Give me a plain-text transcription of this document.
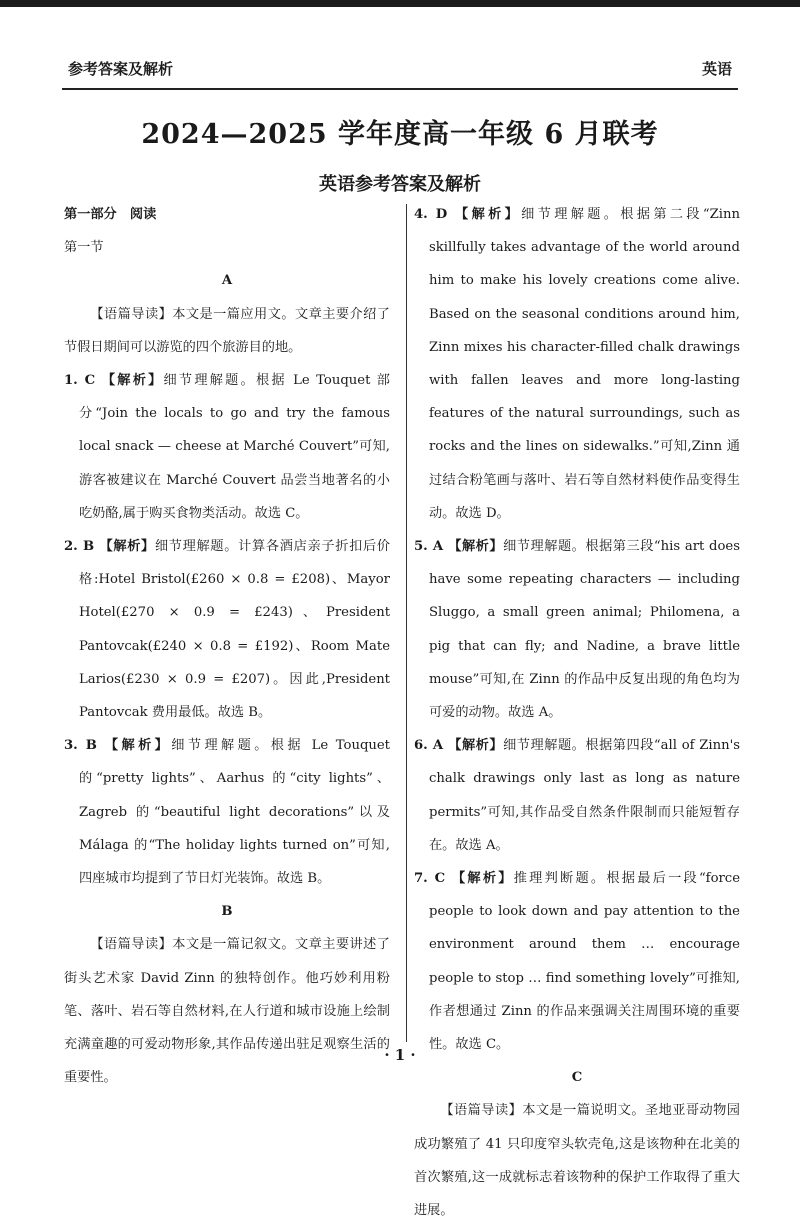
参考答案及解析	英语
2024—2025 学年度高一年级 6 月联考
英语参考答案及解析

第一部分　阅读

第一节

A

【语篇导读】本文是一篇应用文。文章主要介绍了节假日期间可以游览的四个旅游目的地。

1. C 【解析】细节理解题。根据 Le Touquet 部分“Join the locals to go and try the famous local snack — cheese at Marché Couvert”可知,游客被建议在 Marché Couvert 品尝当地著名的小吃奶酪,属于购买食物类活动。故选 C。

2. B 【解析】细节理解题。计算各酒店亲子折扣后价格:Hotel Bristol(£260 × 0.8 = £208)、Mayor Hotel(£270 × 0.9 = £243)、President Pantovcak(£240 × 0.8 = £192)、Room Mate Larios(£230 × 0.9 = £207)。因此,President Pantovcak 费用最低。故选 B。

3. B 【解析】细节理解题。根据 Le Touquet 的“pretty lights”、Aarhus 的“city lights”、Zagreb 的“beautiful light decorations”以及 Málaga 的“The holiday lights turned on”可知,四座城市均提到了节日灯光装饰。故选 B。

B

【语篇导读】本文是一篇记叙文。文章主要讲述了街头艺术家 David Zinn 的独特创作。他巧妙利用粉笔、落叶、岩石等自然材料,在人行道和城市设施上绘制充满童趣的可爱动物形象,其作品传递出驻足观察生活的重要性。

4. D 【解析】细节理解题。根据第二段“Zinn skillfully takes advantage of the world around him to make his lovely creations come alive. Based on the seasonal conditions around him, Zinn mixes his character-filled chalk drawings with fallen leaves and more long-lasting features of the natural surroundings, such as rocks and the lines on sidewalks.”可知,Zinn 通过结合粉笔画与落叶、岩石等自然材料使作品变得生动。故选 D。

5. A 【解析】细节理解题。根据第三段“his art does have some repeating characters — including Sluggo, a small green animal; Philomena, a pig that can fly; and Nadine, a brave little mouse”可知,在 Zinn 的作品中反复出现的角色均为可爱的动物。故选 A。

6. A 【解析】细节理解题。根据第四段“all of Zinn's chalk drawings only last as long as nature permits”可知,其作品受自然条件限制而只能短暂存在。故选 A。

7. C 【解析】推理判断题。根据最后一段“force people to look down and pay attention to the environment around them … encourage people to stop … find something lovely”可推知,作者想通过 Zinn 的作品来强调关注周围环境的重要性。故选 C。

C

【语篇导读】本文是一篇说明文。圣地亚哥动物园成功繁殖了 41 只印度窄头软壳龟,这是该物种在北美的首次繁殖,这一成就标志着该物种的保护工作取得了重大进展。

· 1 ·
